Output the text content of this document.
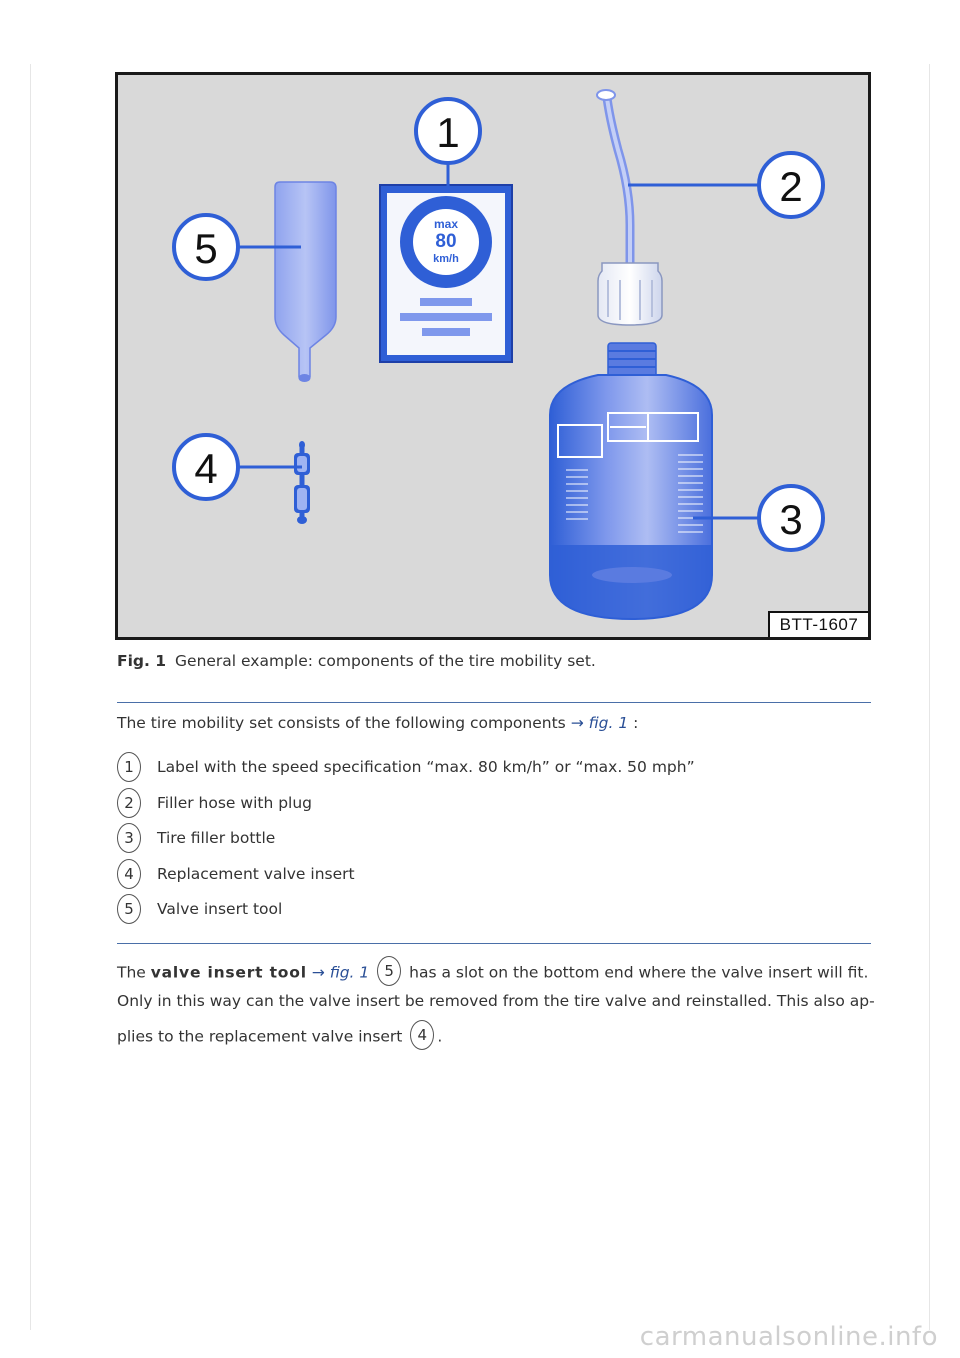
max
80
km/h
1
2
3
4
5
BTT-1607
Fig. 1 General example: components of the tire mobility set.
The tire mobility set consists of the following components → fig. 1 :
1	Label with the speed specification “max. 80 km/h” or “max. 50 mph”
2	Filler hose with plug
3	Tire filler bottle
4	Replacement valve insert
5	Valve insert tool
The valve insert tool → fig. 1 5 has a slot on the bottom end where the valve insert will fit.
Only in this way can the valve insert be removed from the tire valve and reinstalled. This also ap-
plies to the replacement valve insert 4 .
carmanualsonline.info
